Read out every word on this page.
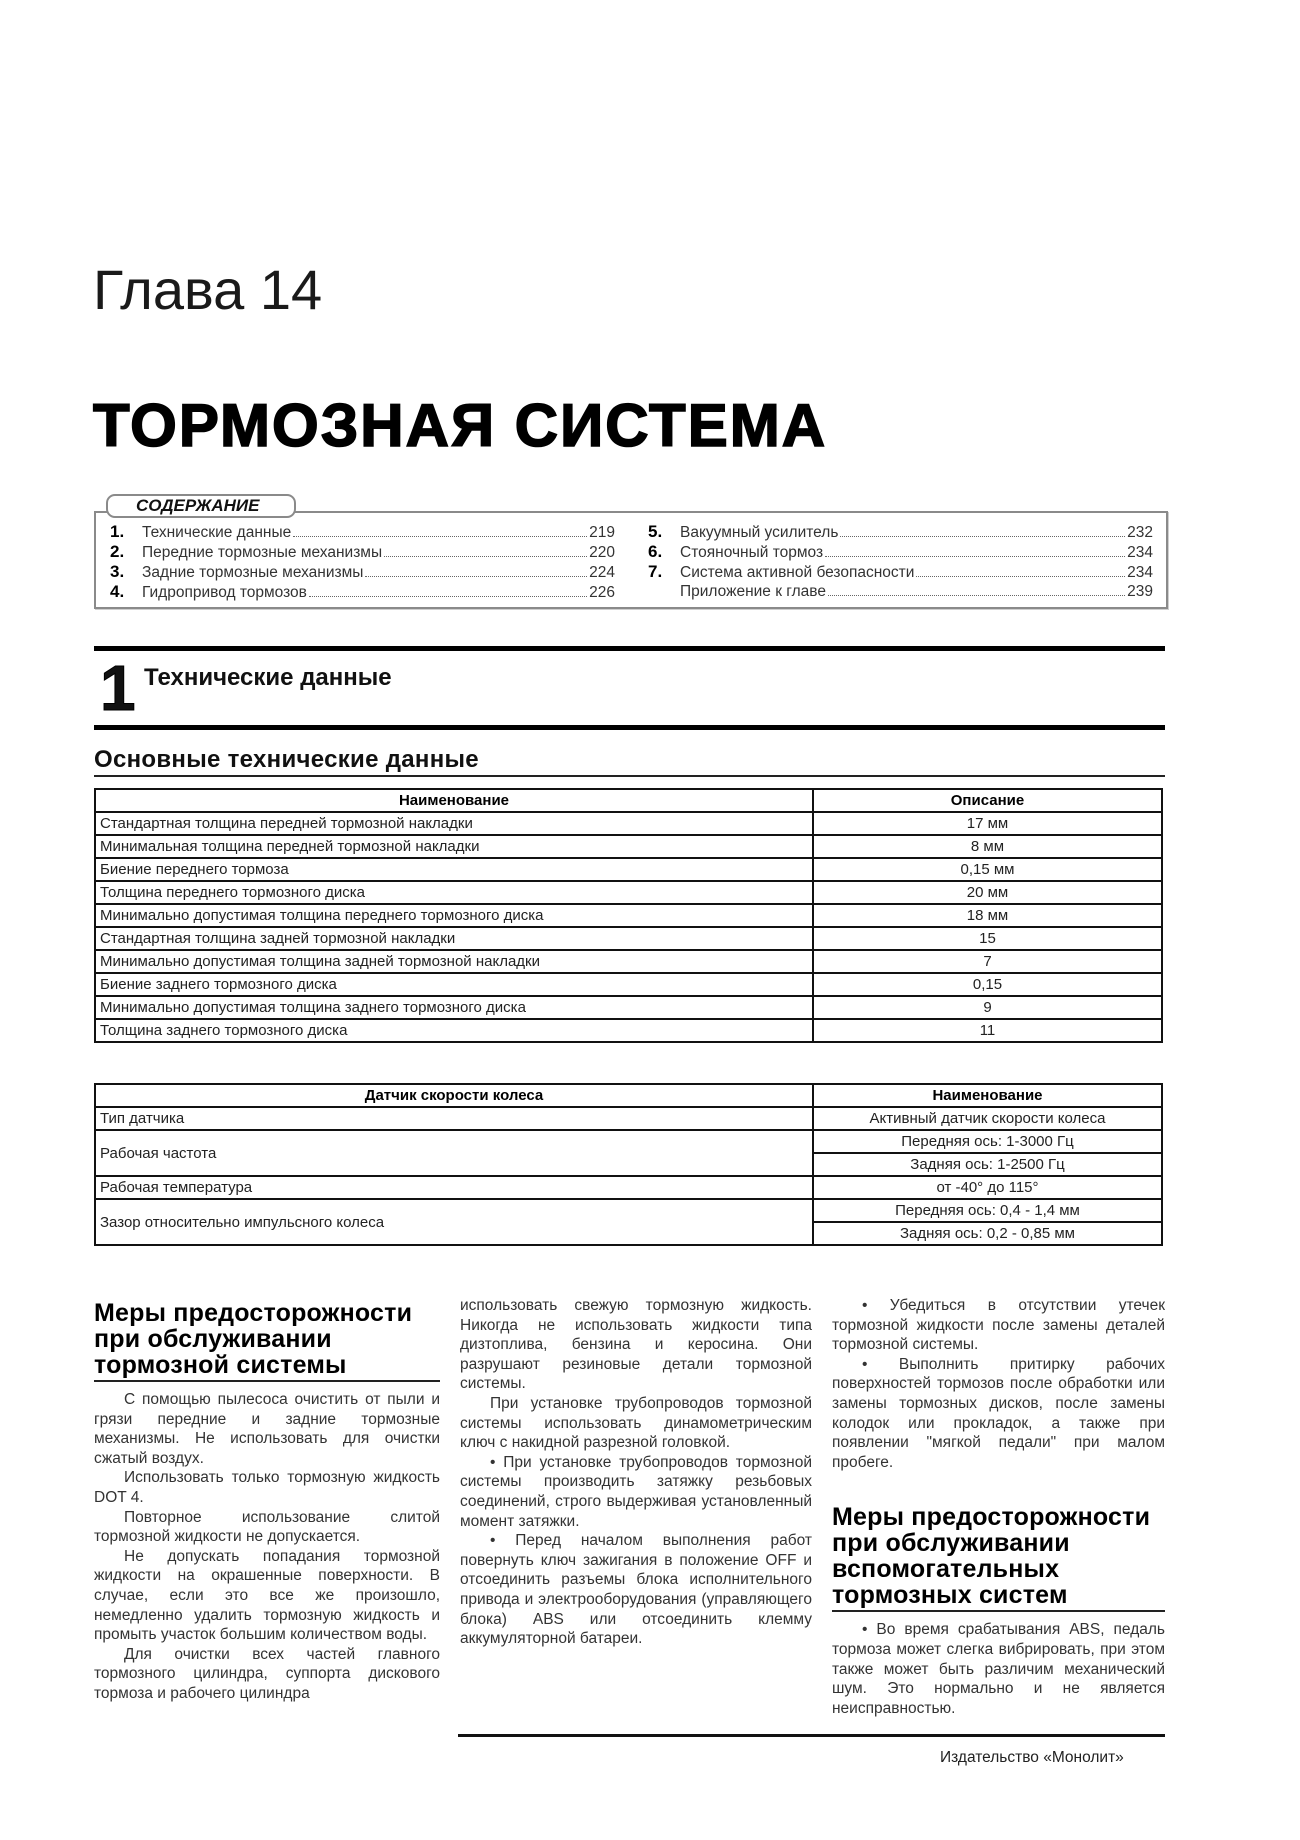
Глава 14
ТОРМОЗНАЯ СИСТЕМА
СОДЕРЖАНИЕ
1.	Технические данные	219
2.	Передние тормозные механизмы	220
3.	Задние тормозные механизмы	224
4.	Гидропривод тормозов	226
5.	Вакуумный усилитель	232
6.	Стояночный тормоз	234
7.	Система активной безопасности	234
Приложение к главе	239
1 Технические данные
Основные технические данные
Наименование	Описание
Стандартная толщина передней тормозной накладки	17 мм
Минимальная толщина передней тормозной накладки	8 мм
Биение переднего тормоза	0,15 мм
Толщина переднего тормозного диска	20 мм
Минимально допустимая толщина переднего тормозного диска	18 мм
Стандартная толщина задней тормозной накладки	15
Минимально допустимая толщина задней тормозной накладки	7
Биение заднего тормозного диска	0,15
Минимально допустимая толщина заднего тормозного диска	9
Толщина заднего тормозного диска	11
Датчик скорости колеса	Наименование
Тип датчика	Активный датчик скорости колеса
Рабочая частота	Передняя ось: 1-3000 Гц
	Задняя ось: 1-2500 Гц
Рабочая температура	от -40° до 115°
Зазор относительно импульсного колеса	Передняя ось: 0,4 - 1,4 мм
	Задняя ось: 0,2 - 0,85 мм
Меры предосторожности
при обслуживании
тормозной системы

С помощью пылесоса очистить от пыли и грязи передние и задние тормозные механизмы. Не использовать для очистки сжатый воздух.

Использовать только тормозную жидкость DOT 4.

Повторное использование слитой тормозной жидкости не допускается.

Не допускать попадания тормозной жидкости на окрашенные поверхности. В случае, если это все же произошло, немедленно удалить тормозную жидкость и промыть участок большим количеством воды.

Для очистки всех частей главного тормозного цилиндра, суппорта дискового тормоза и рабочего цилиндра

использовать свежую тормозную жидкость. Никогда не использовать жидкости типа дизтоплива, бензина и керосина. Они разрушают резиновые детали тормозной системы.

При установке трубопроводов тормозной системы использовать динамометрическим ключ с накидной разрезной головкой.

• При установке трубопроводов тормозной системы производить затяжку резьбовых соединений, строго выдерживая установленный момент затяжки.

• Перед началом выполнения работ повернуть ключ зажигания в положение OFF и отсоединить разъемы блока исполнительного привода и электрооборудования (управляющего блока) ABS или отсоединить клемму аккумуляторной батареи.

• Убедиться в отсутствии утечек тормозной жидкости после замены деталей тормозной системы.

• Выполнить притирку рабочих поверхностей тормозов после обработки или замены тормозных дисков, после замены колодок или прокладок, а также при появлении "мягкой педали" при малом пробеге.

Меры предосторожности
при обслуживании
вспомогательных
тормозных систем

• Во время срабатывания ABS, педаль тормоза может слегка вибрировать, при этом также может быть различим механический шум. Это нормально и не является неисправностью.

Издательство «Монолит»
